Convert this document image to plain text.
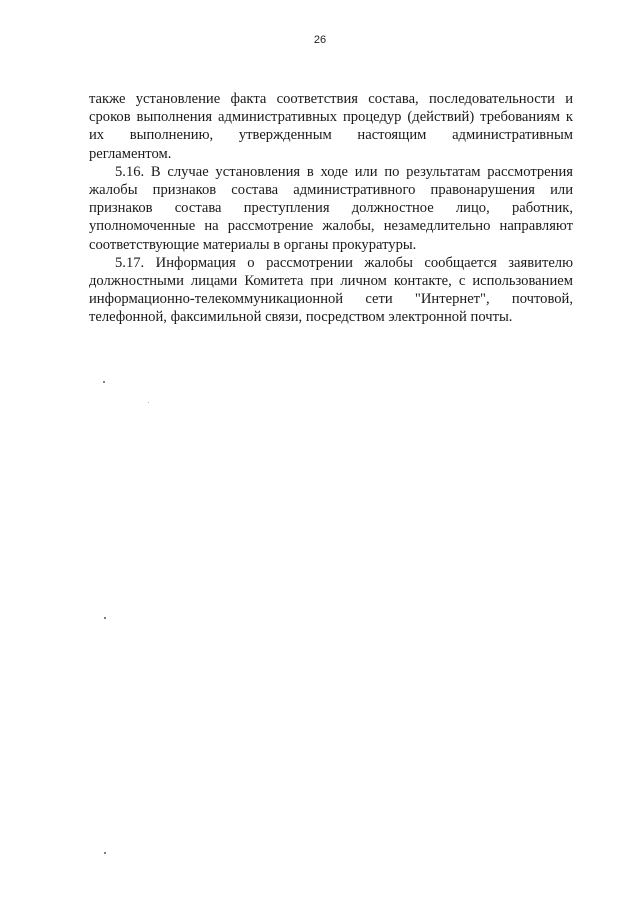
26

также установление факта соответствия состава, последовательности и
сроков выполнения административных процедур (действий) требованиям к
их выполнению, утвержденным настоящим административным
регламентом.

5.16. В случае установления в ходе или по результатам рассмотрения
жалобы признаков состава административного правонарушения или
признаков состава преступления должностное лицо, работник,
уполномоченные на рассмотрение жалобы, незамедлительно направляют
соответствующие материалы в органы прокуратуры.

5.17. Информация о рассмотрении жалобы сообщается заявителю
должностными лицами Комитета при личном контакте, с использованием
информационно-телекоммуникационной сети "Интернет", почтовой,
телефонной, факсимильной связи, посредством электронной почты.
